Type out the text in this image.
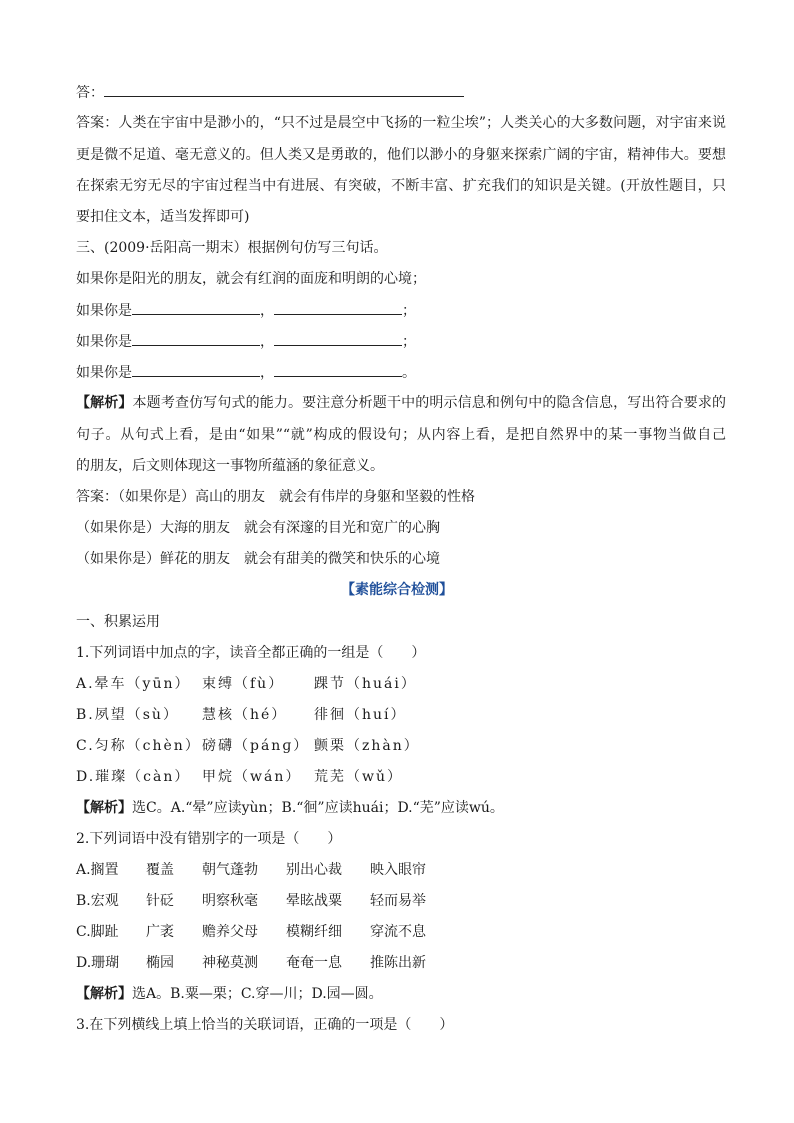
答：
答案：人类在宇宙中是渺小的，“只不过是晨空中飞扬的一粒尘埃”；人类关心的大多数问题，对宇宙来说
更是微不足道、毫无意义的。但人类又是勇敢的，他们以渺小的身躯来探索广阔的宇宙，精神伟大。要想
在探索无穷无尽的宇宙过程当中有进展、有突破，不断丰富、扩充我们的知识是关键。(开放性题目，只
要扣住文本，适当发挥即可)
三、(2009·岳阳高一期末）根据例句仿写三句话。
如果你是阳光的朋友，就会有红润的面庞和明朗的心境；
如果你是	，	；
如果你是	，	；
如果你是	，	。
【解析】本题考查仿写句式的能力。要注意分析题干中的明示信息和例句中的隐含信息，写出符合要求的
句子。从句式上看，是由“如果”“就”构成的假设句；从内容上看，是把自然界中的某一事物当做自己
的朋友，后文则体现这一事物所蕴涵的象征意义。
答案：（如果你是）高山的朋友　就会有伟岸的身躯和坚毅的性格
（如果你是）大海的朋友　就会有深邃的目光和宽广的心胸
（如果你是）鲜花的朋友　就会有甜美的微笑和快乐的心境
【素能综合检测】
一、积累运用
1.下列词语中加点的字，读音全都正确的一组是（　　）
A.晕车（yūn） 束缚（fù） 踝节（huái）
B.夙望（sù） 慧核（hé） 徘徊（huí）
C.匀称（chèn） 磅礴（pánɡ） 颤栗（zhàn）
D.璀璨（càn） 甲烷（wán） 荒芜（wǔ）
【解析】选C。A.“晕”应读yùn；B.“徊”应读huái；D.“芜”应读wú。
2.下列词语中没有错别字的一项是（　　）
A.搁置 覆盖 朝气蓬勃 别出心裁 映入眼帘
B.宏观 针砭 明察秋毫 晕眩战粟 轻而易举
C.脚趾 广袤 赡养父母 模糊纤细 穿流不息
D.珊瑚 椭园 神秘莫测 奄奄一息 推陈出新
【解析】选A。B.粟—栗；C.穿—川；D.园—圆。
3.在下列横线上填上恰当的关联词语，正确的一项是（　　）
